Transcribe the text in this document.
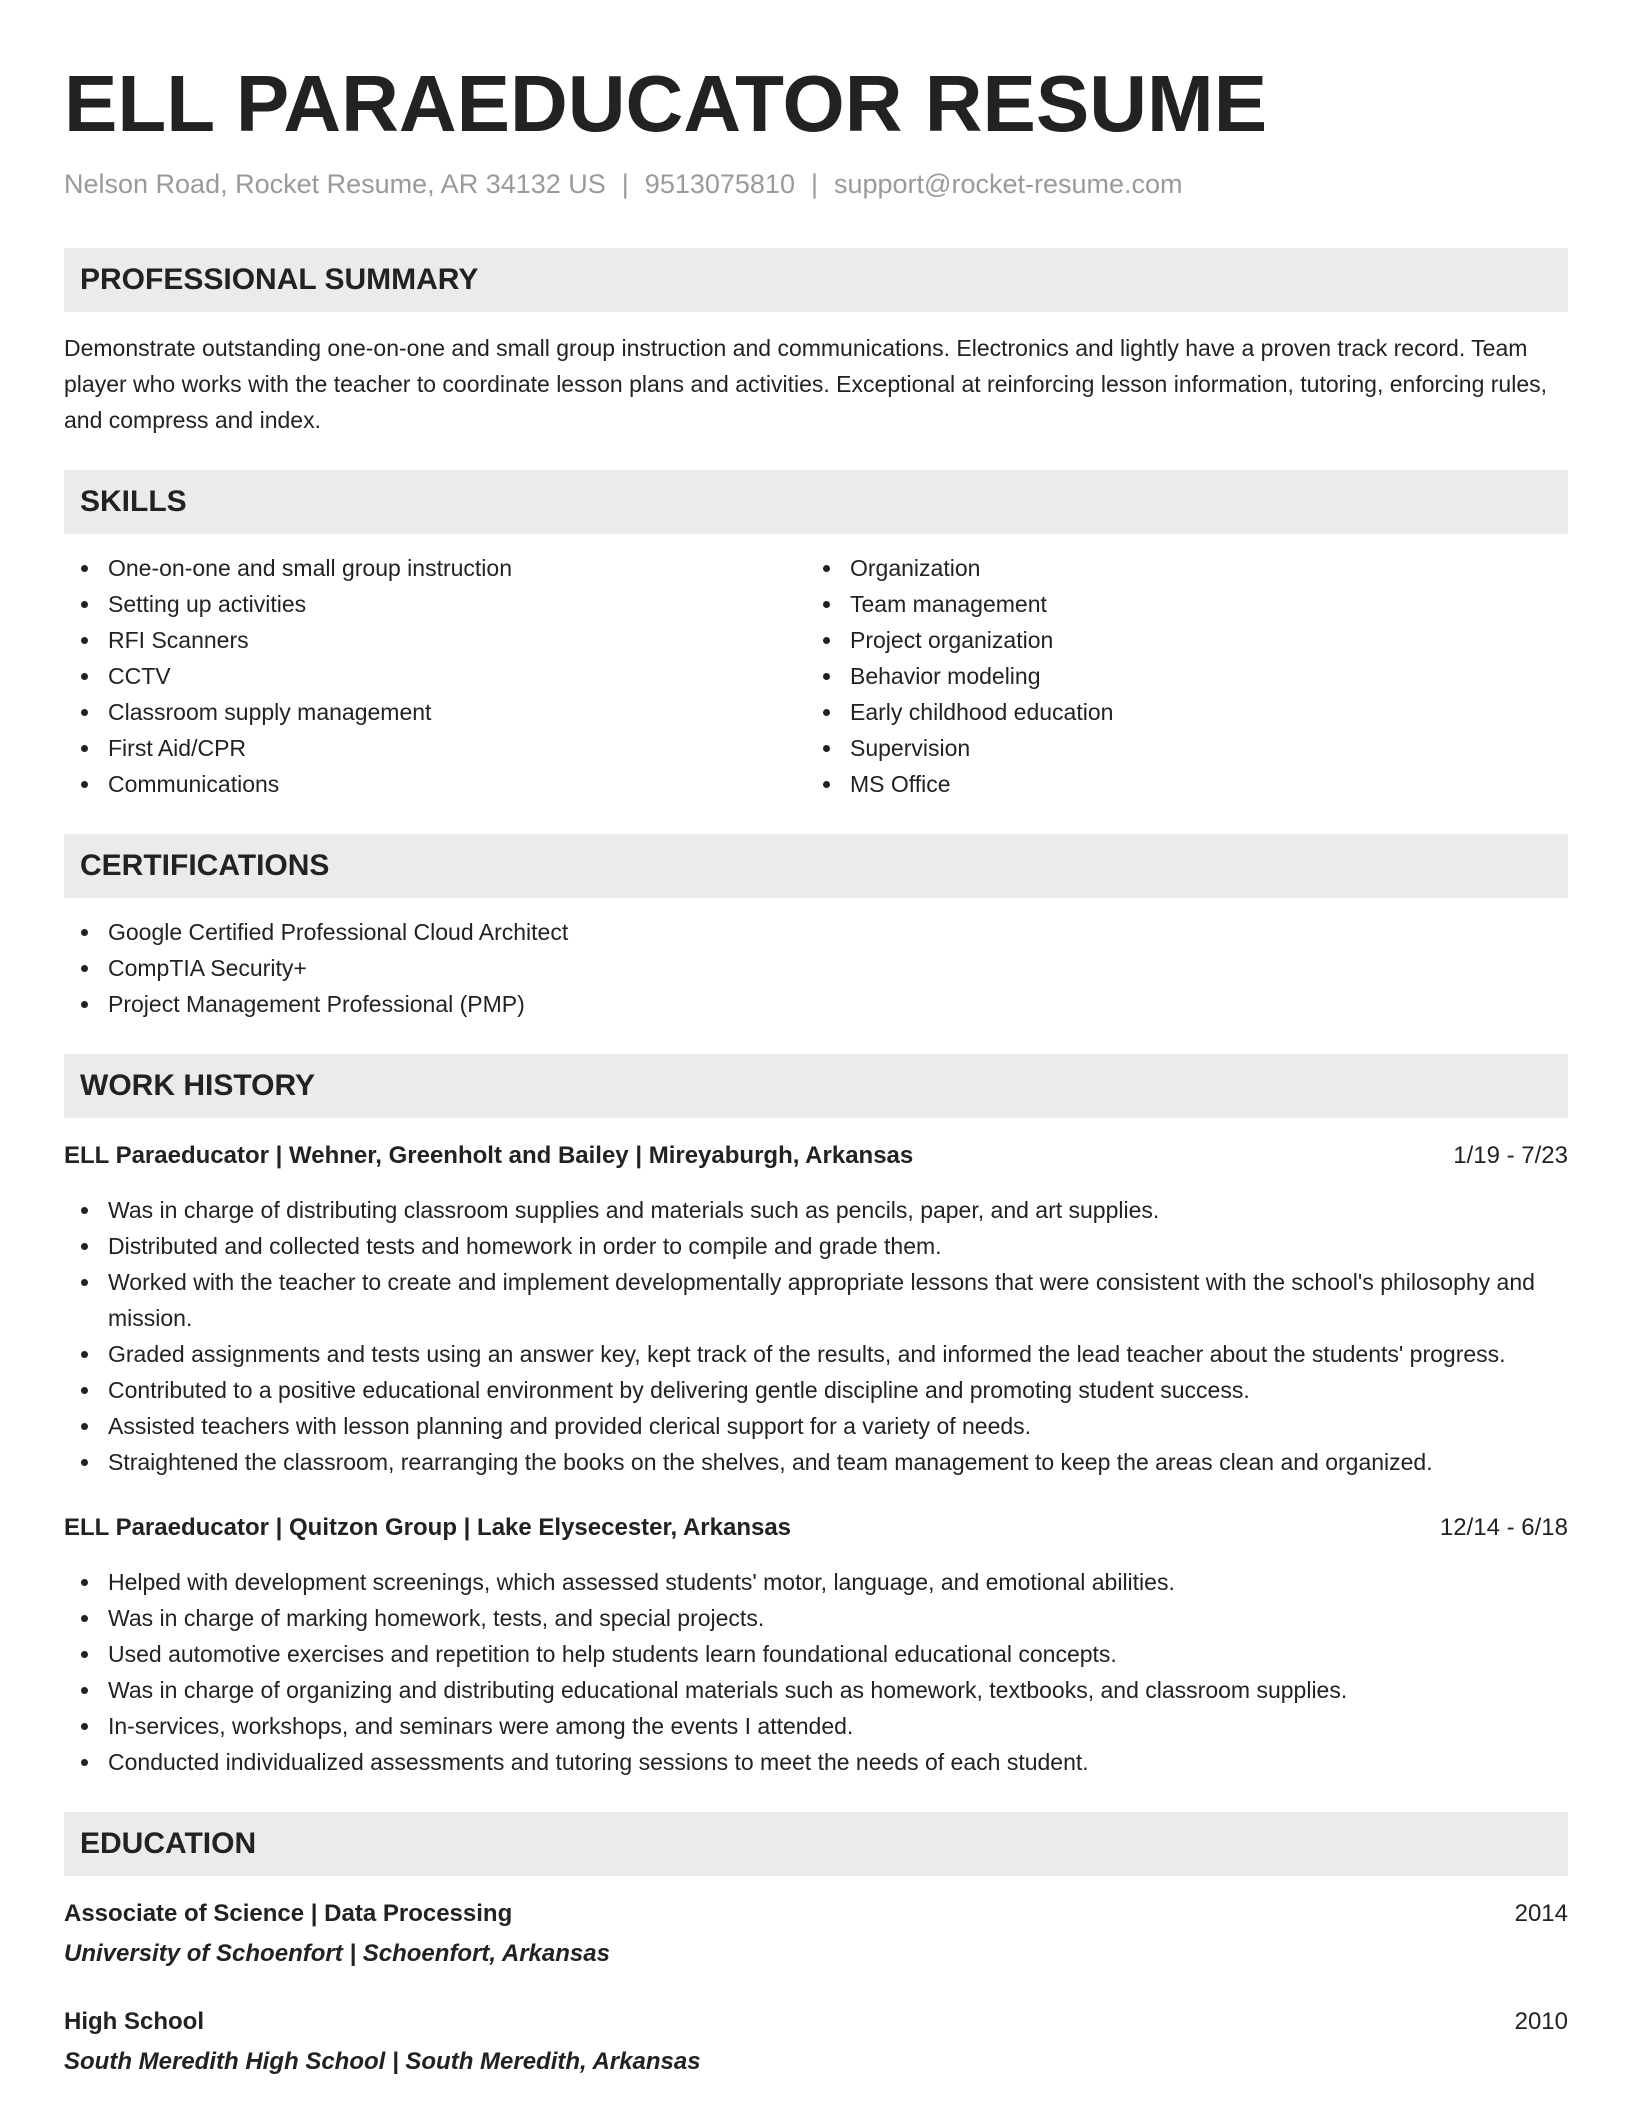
ELL PARAEDUCATOR RESUME
Nelson Road, Rocket Resume, AR 34132 US | 9513075810 | support@rocket-resume.com
PROFESSIONAL SUMMARY

Demonstrate outstanding one-on-one and small group instruction and communications. Electronics and lightly have a proven track record. Team player who works with the teacher to coordinate lesson plans and activities. Exceptional at reinforcing lesson information, tutoring, enforcing rules, and compress and index.

SKILLS
One-on-one and small group instruction
Setting up activities
RFI Scanners
CCTV
Classroom supply management
First Aid/CPR
Communications
Organization
Team management
Project organization
Behavior modeling
Early childhood education
Supervision
MS Office
CERTIFICATIONS
Google Certified Professional Cloud Architect
CompTIA Security+
Project Management Professional (PMP)
WORK HISTORY
ELL Paraeducator | Wehner, Greenholt and Bailey | Mireyaburgh, Arkansas	1/19 - 7/23
Was in charge of distributing classroom supplies and materials such as pencils, paper, and art supplies.
Distributed and collected tests and homework in order to compile and grade them.
Worked with the teacher to create and implement developmentally appropriate lessons that were consistent with the school's philosophy and mission.
Graded assignments and tests using an answer key, kept track of the results, and informed the lead teacher about the students' progress.
Contributed to a positive educational environment by delivering gentle discipline and promoting student success.
Assisted teachers with lesson planning and provided clerical support for a variety of needs.
Straightened the classroom, rearranging the books on the shelves, and team management to keep the areas clean and organized.
ELL Paraeducator | Quitzon Group | Lake Elysecester, Arkansas	12/14 - 6/18
Helped with development screenings, which assessed students' motor, language, and emotional abilities.
Was in charge of marking homework, tests, and special projects.
Used automotive exercises and repetition to help students learn foundational educational concepts.
Was in charge of organizing and distributing educational materials such as homework, textbooks, and classroom supplies.
In-services, workshops, and seminars were among the events I attended.
Conducted individualized assessments and tutoring sessions to meet the needs of each student.
EDUCATION
Associate of Science | Data Processing	2014
University of Schoenfort | Schoenfort, Arkansas
High School	2010
South Meredith High School | South Meredith, Arkansas
